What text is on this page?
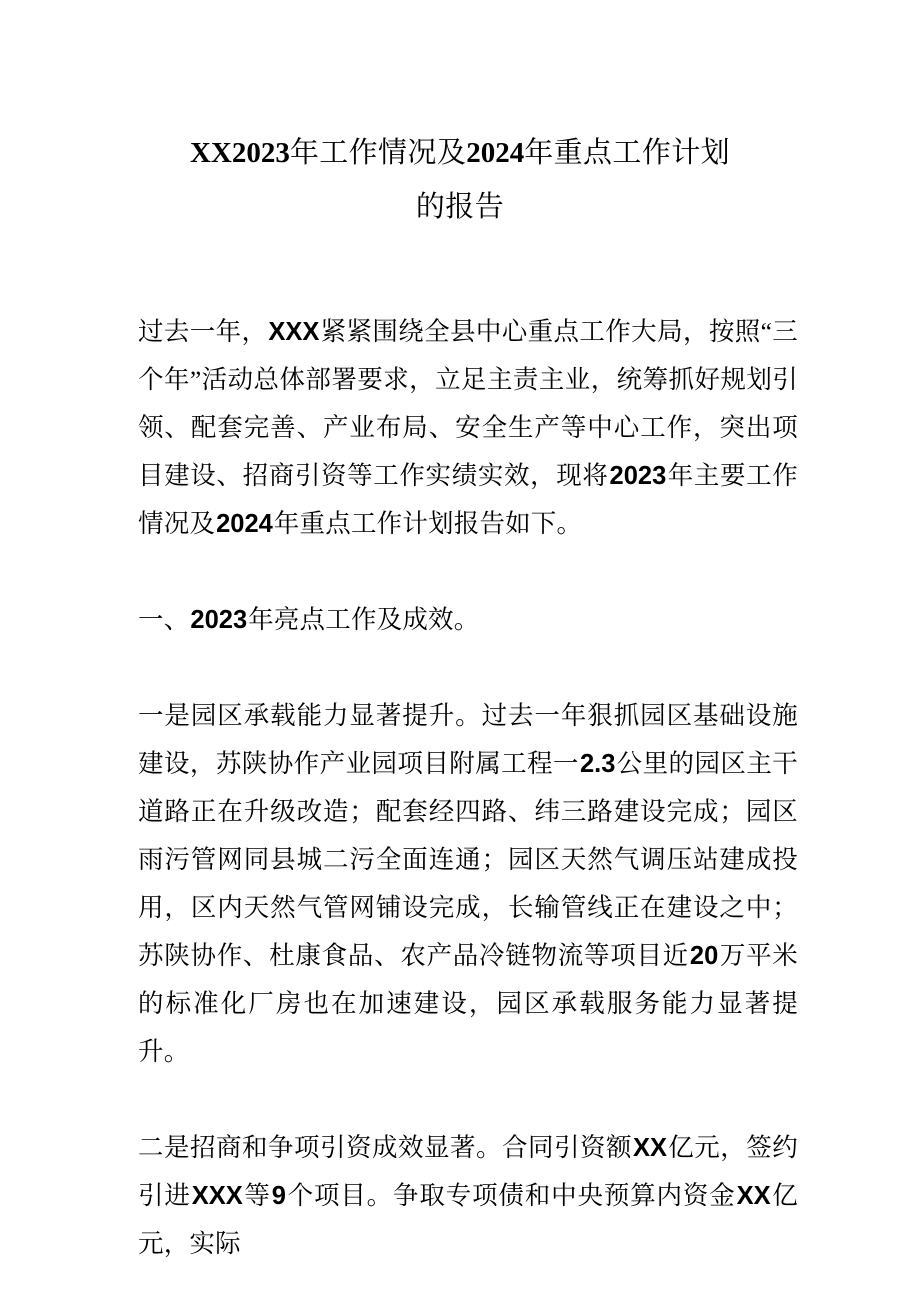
XX2023年工作情况及2024年重点工作计划
的报告

过去一年，XXX紧紧围绕全县中心重点工作大局，按照“三个年”活动总体部署要求，立足主责主业，统筹抓好规划引领、配套完善、产业布局、安全生产等中心工作，突出项目建设、招商引资等工作实绩实效，现将2023年主要工作情况及2024年重点工作计划报告如下。

一、2023年亮点工作及成效。

一是园区承载能力显著提升。过去一年狠抓园区基础设施建设，苏陕协作产业园项目附属工程一2.3公里的园区主干道路正在升级改造；配套经四路、纬三路建设完成；园区雨污管网同县城二污全面连通；园区天然气调压站建成投用，区内天然气管网铺设完成，长输管线正在建设之中；苏陕协作、杜康食品、农产品冷链物流等项目近20万平米的标准化厂房也在加速建设，园区承载服务能力显著提升。

二是招商和争项引资成效显著。合同引资额XX亿元，签约引进XXX等9个项目。争取专项债和中央预算内资金XX亿元，实际
